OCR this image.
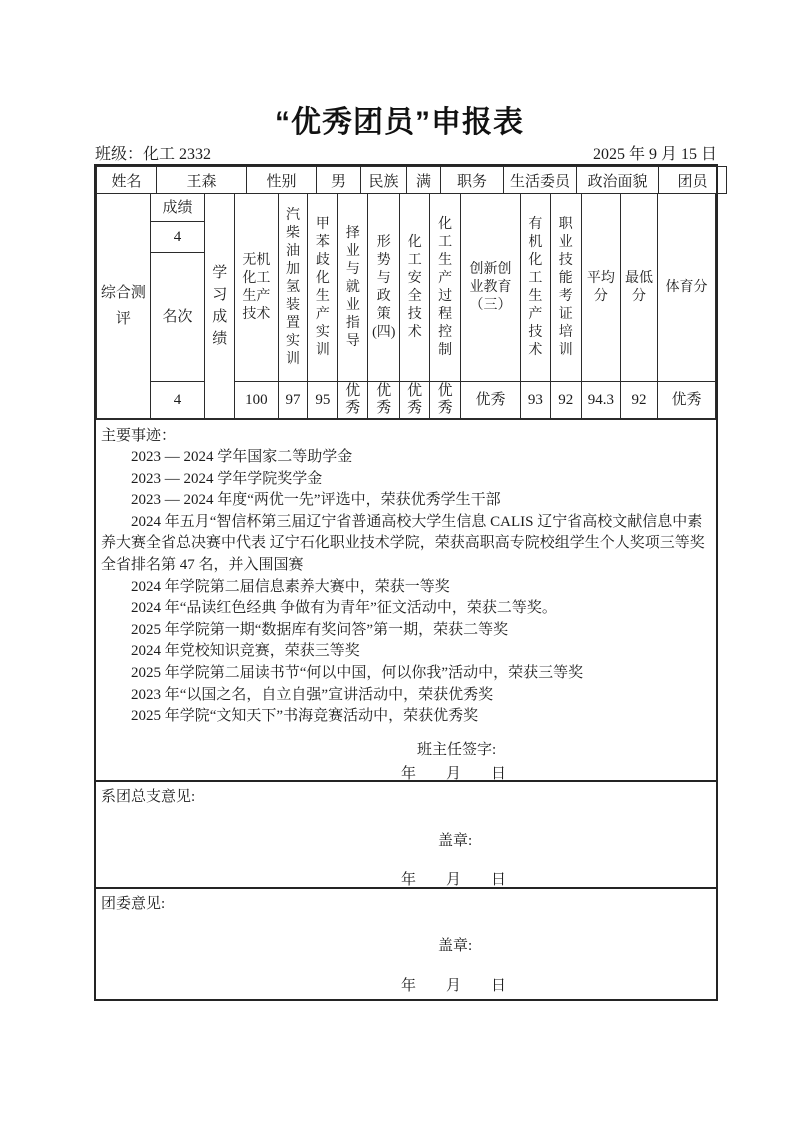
“优秀团员”申报表
班级：化工 2332	2025 年 9 月 15 日
姓名	王森	性别	男	民族	满	职务	生活委员	政治面貌	团员
综合测评	成绩	学习成绩	无机化工生产技术	汽柴油加氢装置实训	甲苯歧化生产实训	择业与就业指导	形势与政策(四)	化工安全技术	化工生产过程控制	创新创业教育（三）	有机化工生产技术	职业技能考证培训	平均分	最低分	体育分
	4														
	名次														
	4		100	97	95	优秀	优秀	优秀	优秀	优秀	93	92	94.3	92	优秀
主要事迹：

2023 — 2024 学年国家二等助学金

2023 — 2024 学年学院奖学金

2023 — 2024 年度“两优一先”评选中，荣获优秀学生干部

2024 年五月“智信杯第三届辽宁省普通高校大学生信息 CALIS 辽宁省高校文献信息中素养大赛全省总决赛中代表 辽宁石化职业技术学院，荣获高职高专院校组学生个人奖项三等奖 全省排名第 47 名，并入围国赛

2024 年学院第二届信息素养大赛中，荣获一等奖

2024 年“品读红色经典 争做有为青年”征文活动中，荣获二等奖。

2025 年学院第一期“数据库有奖问答”第一期，荣获二等奖

2024 年党校知识竞赛，荣获三等奖

2025 年学院第二届读书节“何以中国，何以你我”活动中，荣获三等奖

2023 年“以国之名，自立自强”宣讲活动中，荣获优秀奖

2025 年学院“文知天下”书海竞赛活动中，荣获优秀奖

班主任签字:
年　　月　　日
系团总支意见:
盖章:
年　　月　　日
团委意见:
盖章:
年　　月　　日
